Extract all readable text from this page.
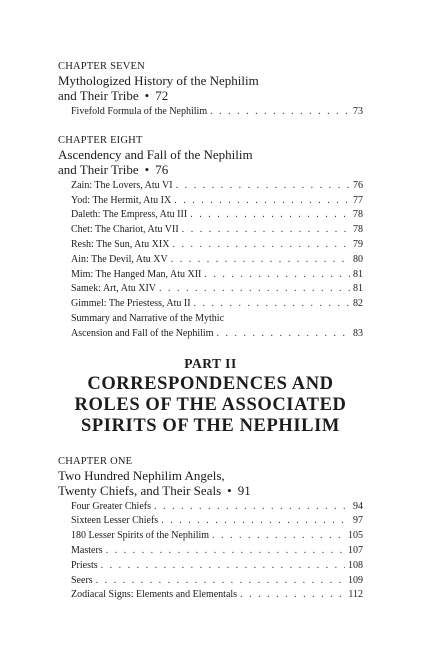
CHAPTER SEVEN

Mythologized History of the Nephilim
and Their Tribe • 72

Fivefold Formula of the Nephilim . . .	73

CHAPTER EIGHT

Ascendency and Fall of the Nephilim
and Their Tribe • 76

Zain: The Lovers, Atu VI . . .	76
Yod: The Hermit, Atu IX . . .	77
Daleth: The Empress, Atu III . . .	78
Chet: The Chariot, Atu VII . . .	78
Resh: The Sun, Atu XIX . . .	79
Ain: The Devil, Atu XV . . .	80
Mim: The Hanged Man, Atu XII . . .	81
Samek: Art, Atu XIV . . .	81
Gimmel: The Priestess, Atu II . . .	82
Summary and Narrative of the Mythic
Ascension and Fall of the Nephilim . . .	83

PART II

CORRESPONDENCES AND
ROLES OF THE ASSOCIATED
SPIRITS OF THE NEPHILIM

CHAPTER ONE

Two Hundred Nephilim Angels,
Twenty Chiefs, and Their Seals • 91

Four Greater Chiefs . . .	94
Sixteen Lesser Chiefs . . .	97
180 Lesser Spirits of the Nephilim . . .	105
Masters . . .	107
Priests . . .	108
Seers . . .	109
Zodiacal Signs: Elements and Elementals . . .	112
